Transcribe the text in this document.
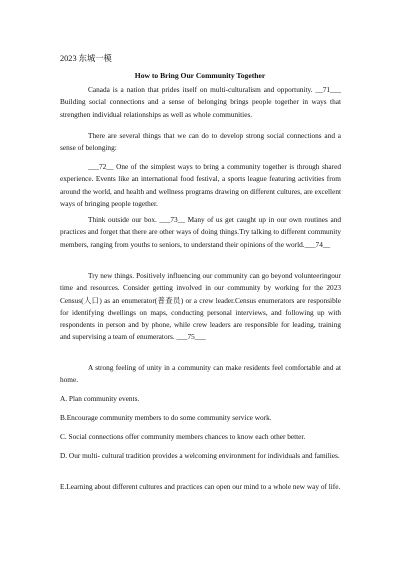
2023 东城一模
How to Bring Our Community Together
Canada is a nation that prides itself on multi-culturalism and opportunity. __71___ Building social connections and a sense of belonging brings people together in ways that strengthen individual relationships as well as whole communities.
There are several things that we can do to develop strong social connections and a sense of belonging:
___72__ One of the simplest ways to bring a community together is through shared experience. Events like an international food festival, a sports league featuring activities from around the world, and health and wellness programs drawing on different cultures, are excellent ways of bringing people together.
Think outside our box. ___73__ Many of us get caught up in our own routines and practices and forget that there are other ways of doing things.Try talking to different community members, ranging from youths to seniors, to understand their opinions of the world.___74__
Try new things. Positively influencing our community can go beyond volunteeringour time and resources. Consider getting involved in our community by working for the 2023 Census(人口) as an enumerator(普查员) or a crew leader.Census enumerators are responsible for identifying dwellings on maps, conducting personal interviews, and following up with respondents in person and by phone, while crew leaders are responsible for leading, training and supervising a team of enumerators. ___75___
A strong feeling of unity in a community can make residents feel comfortable and at home.
A. Plan community events.
B.Encourage community members to do some community service work.
C. Social connections offer community members chances to know each other better.
D. Our multi- cultural tradition provides a welcoming environment for individuals and families.
E.Learning about different cultures and practices can open our mind to a whole new way of life.
